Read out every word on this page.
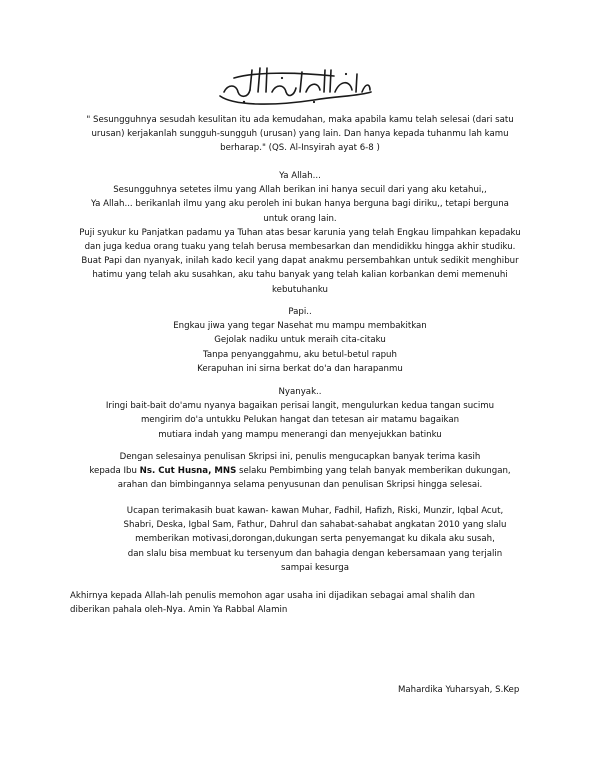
" Sesungguhnya sesudah kesulitan itu ada kemudahan, maka apabila kamu telah selesai (dari satu
urusan) kerjakanlah sungguh-sungguh (urusan) yang lain. Dan hanya kepada tuhanmu lah kamu
berharap." (QS. Al-Insyirah ayat 6-8 )
Ya Allah...
Sesungguhnya setetes ilmu yang Allah berikan ini hanya secuil dari yang aku ketahui,,
Ya Allah... berikanlah ilmu yang aku peroleh ini bukan hanya berguna bagi diriku,, tetapi berguna
untuk orang lain.
Puji syukur ku Panjatkan padamu ya Tuhan atas besar karunia yang telah Engkau limpahkan kepadaku
dan juga kedua orang tuaku yang telah berusa membesarkan dan mendidikku hingga akhir studiku.
Buat Papi dan nyanyak, inilah kado kecil yang dapat anakmu persembahkan untuk sedikit menghibur
hatimu yang telah aku susahkan, aku tahu banyak yang telah kalian korbankan demi memenuhi
kebutuhanku
Papi..
Engkau jiwa yang tegar Nasehat mu mampu membakitkan
Gejolak nadiku untuk meraih cita-citaku
Tanpa penyanggahmu, aku betul-betul rapuh
Kerapuhan ini sirna berkat do'a dan harapanmu
Nyanyak..
Iringi bait-bait do'amu nyanya bagaikan perisai langit, mengulurkan kedua tangan sucimu
mengirim do'a untukku Pelukan hangat dan tetesan air matamu bagaikan
mutiara indah yang mampu menerangi dan menyejukkan batinku
Dengan selesainya penulisan Skripsi ini, penulis mengucapkan banyak terima kasih
kepada Ibu Ns. Cut Husna, MNS selaku Pembimbing yang telah banyak memberikan dukungan,
arahan dan bimbingannya selama penyusunan dan penulisan Skripsi hingga selesai.
Ucapan terimakasih buat kawan- kawan Muhar, Fadhil, Hafizh, Riski, Munzir, Iqbal Acut,
Shabri, Deska, Igbal Sam, Fathur, Dahrul dan sahabat-sahabat angkatan 2010 yang slalu
memberikan motivasi,dorongan,dukungan serta penyemangat ku dikala aku susah,
dan slalu bisa membuat ku tersenyum dan bahagia dengan kebersamaan yang terjalin
sampai kesurga
Akhirnya kepada Allah-lah penulis memohon agar usaha ini dijadikan sebagai amal shalih dan
diberikan pahala oleh-Nya. Amin Ya Rabbal Alamin
Mahardika Yuharsyah, S.Kep
